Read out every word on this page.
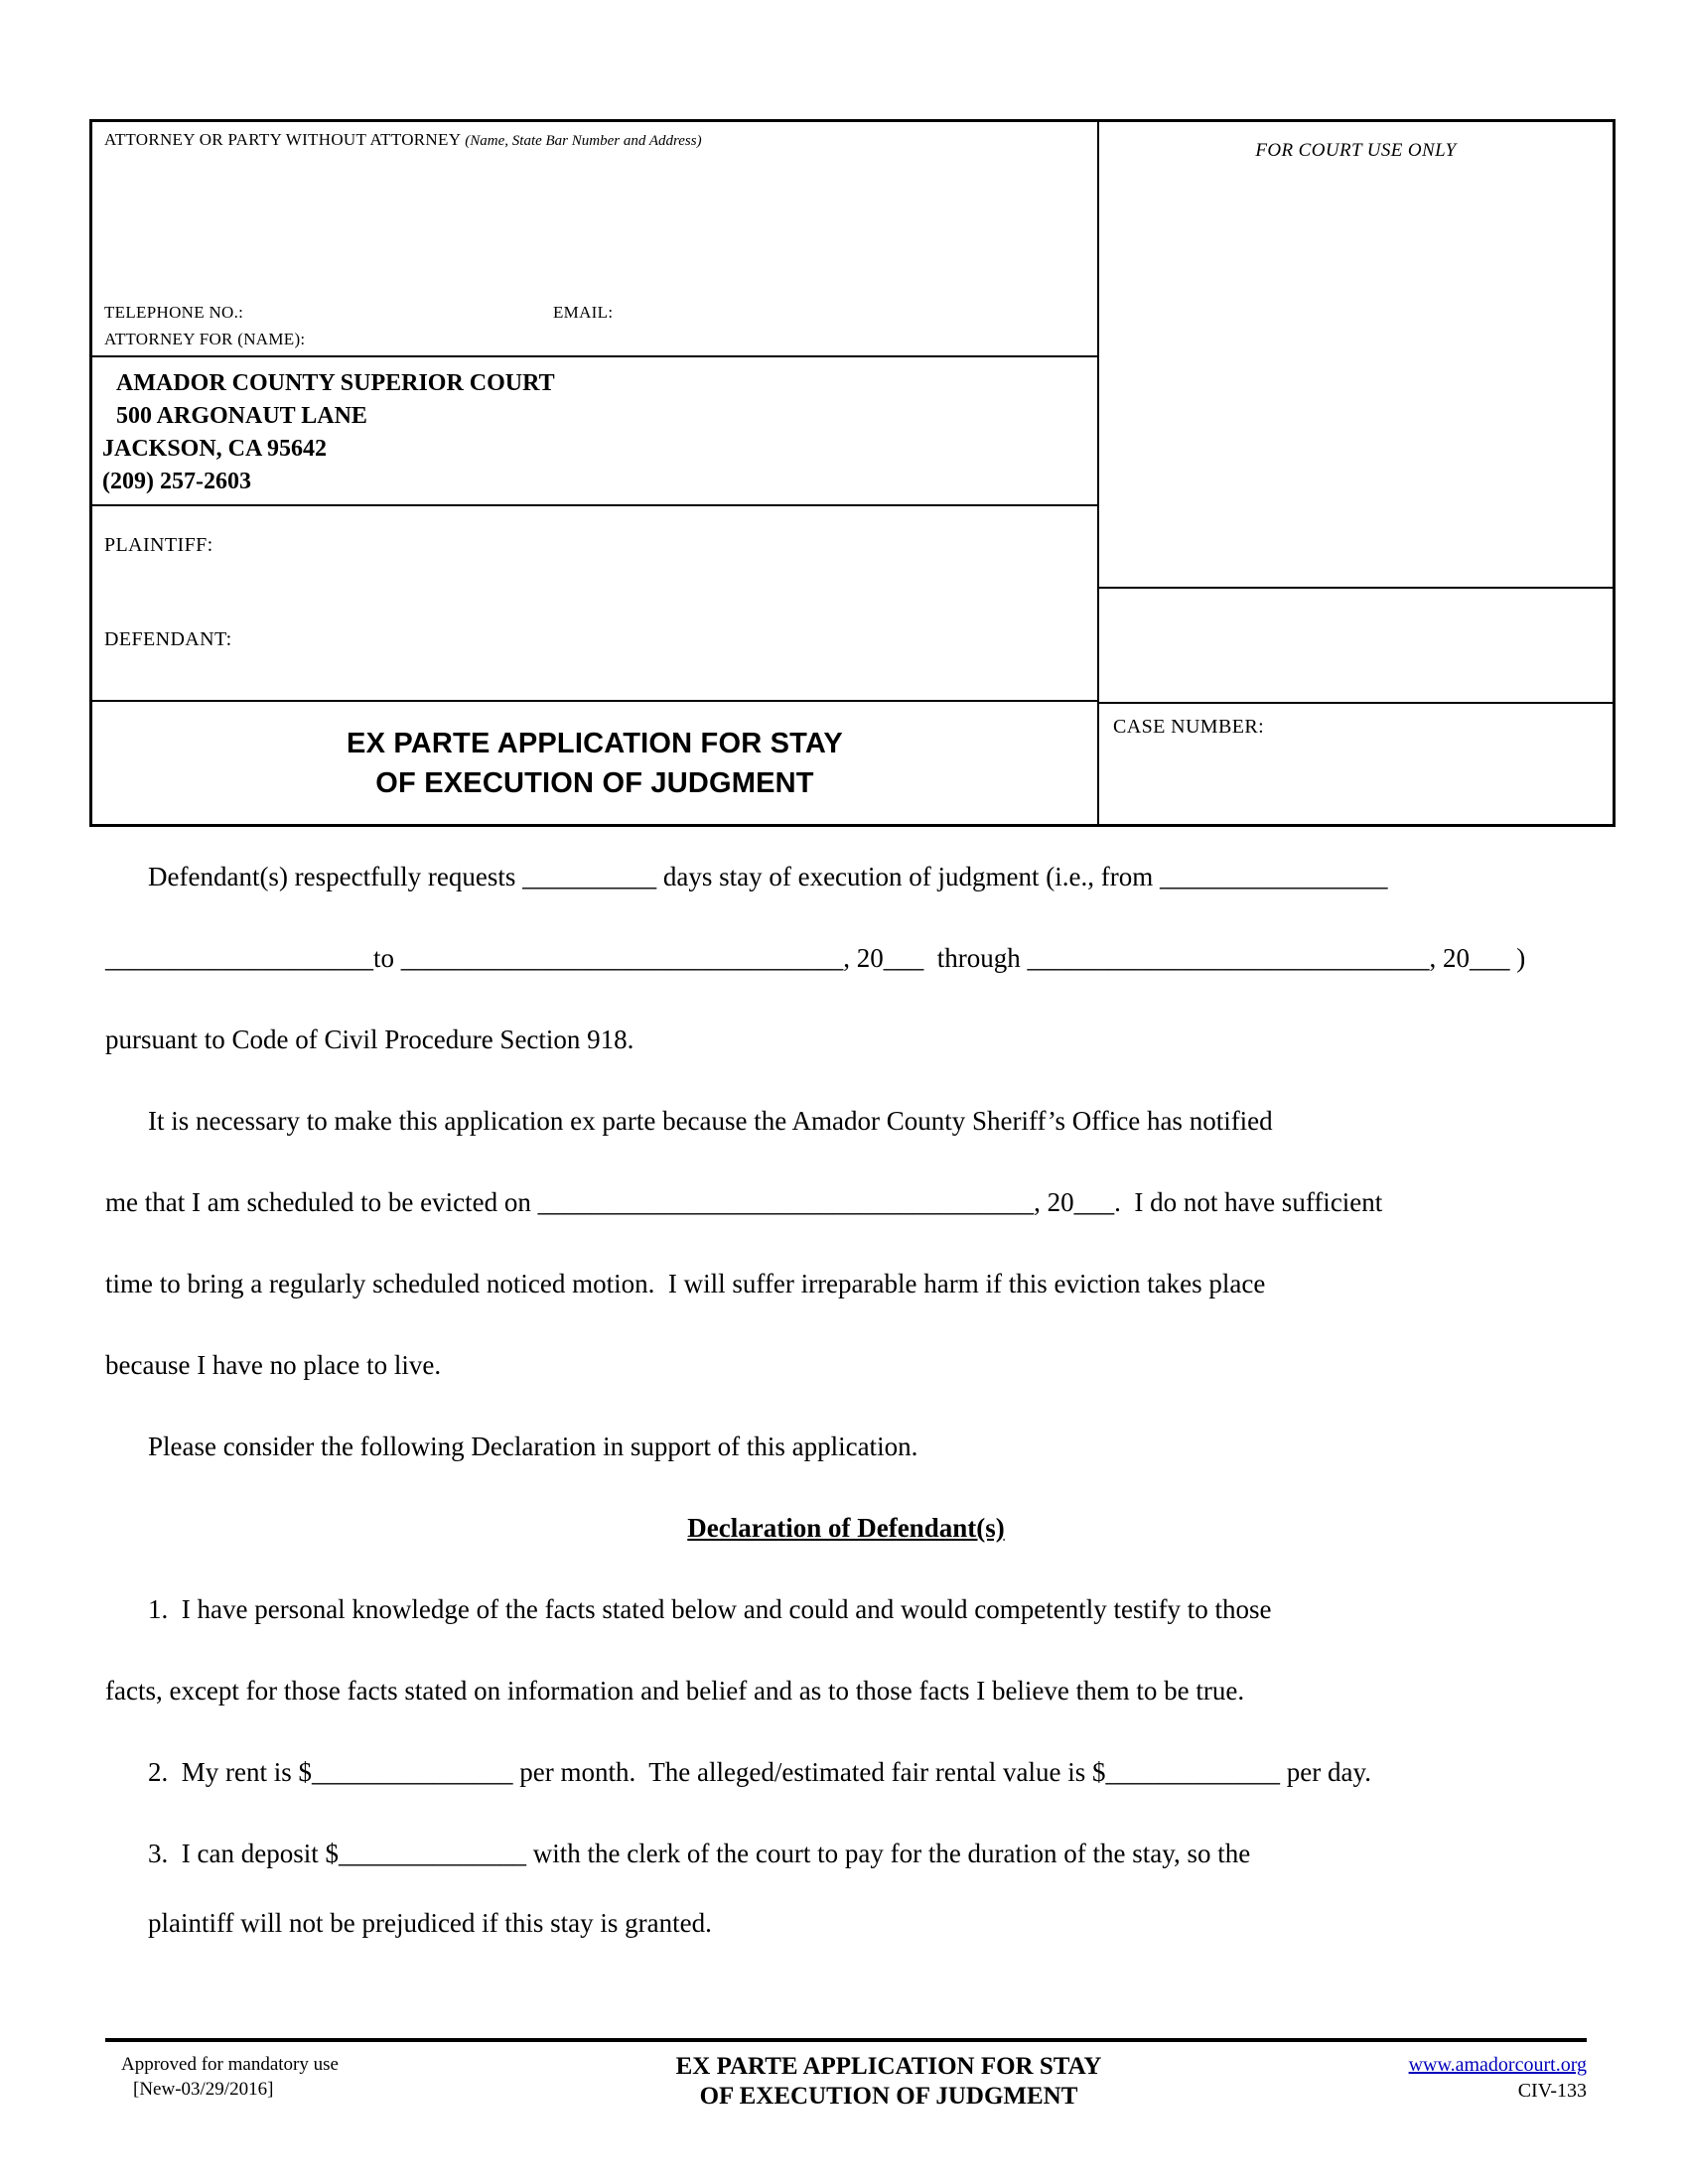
ATTORNEY OR PARTY WITHOUT ATTORNEY (Name, State Bar Number and Address)
TELEPHONE NO.:	EMAIL:
ATTORNEY FOR (NAME):
AMADOR COUNTY SUPERIOR COURT
500 ARGONAUT LANE
JACKSON, CA 95642
(209) 257-2603
PLAINTIFF:
DEFENDANT:
EX PARTE APPLICATION FOR STAY
OF EXECUTION OF JUDGMENT
FOR COURT USE ONLY
CASE NUMBER:
Defendant(s) respectfully requests __________ days stay of execution of judgment (i.e., from _________________
____________________to _________________________________, 20___  through ______________________________, 20___ )
pursuant to Code of Civil Procedure Section 918.
It is necessary to make this application ex parte because the Amador County Sheriff’s Office has notified
me that I am scheduled to be evicted on _____________________________________, 20___.  I do not have sufficient
time to bring a regularly scheduled noticed motion.  I will suffer irreparable harm if this eviction takes place
because I have no place to live.
Please consider the following Declaration in support of this application.
Declaration of Defendant(s)
1.  I have personal knowledge of the facts stated below and could and would competently testify to those
facts, except for those facts stated on information and belief and as to those facts I believe them to be true.
2.  My rent is $_______________ per month.  The alleged/estimated fair rental value is $_____________ per day.
3.  I can deposit $______________ with the clerk of the court to pay for the duration of the stay, so the
plaintiff will not be prejudiced if this stay is granted.
Approved for mandatory use
[New-03/29/2016]
EX PARTE APPLICATION FOR STAY
OF EXECUTION OF JUDGMENT
www.amadorcourt.org
CIV-133
